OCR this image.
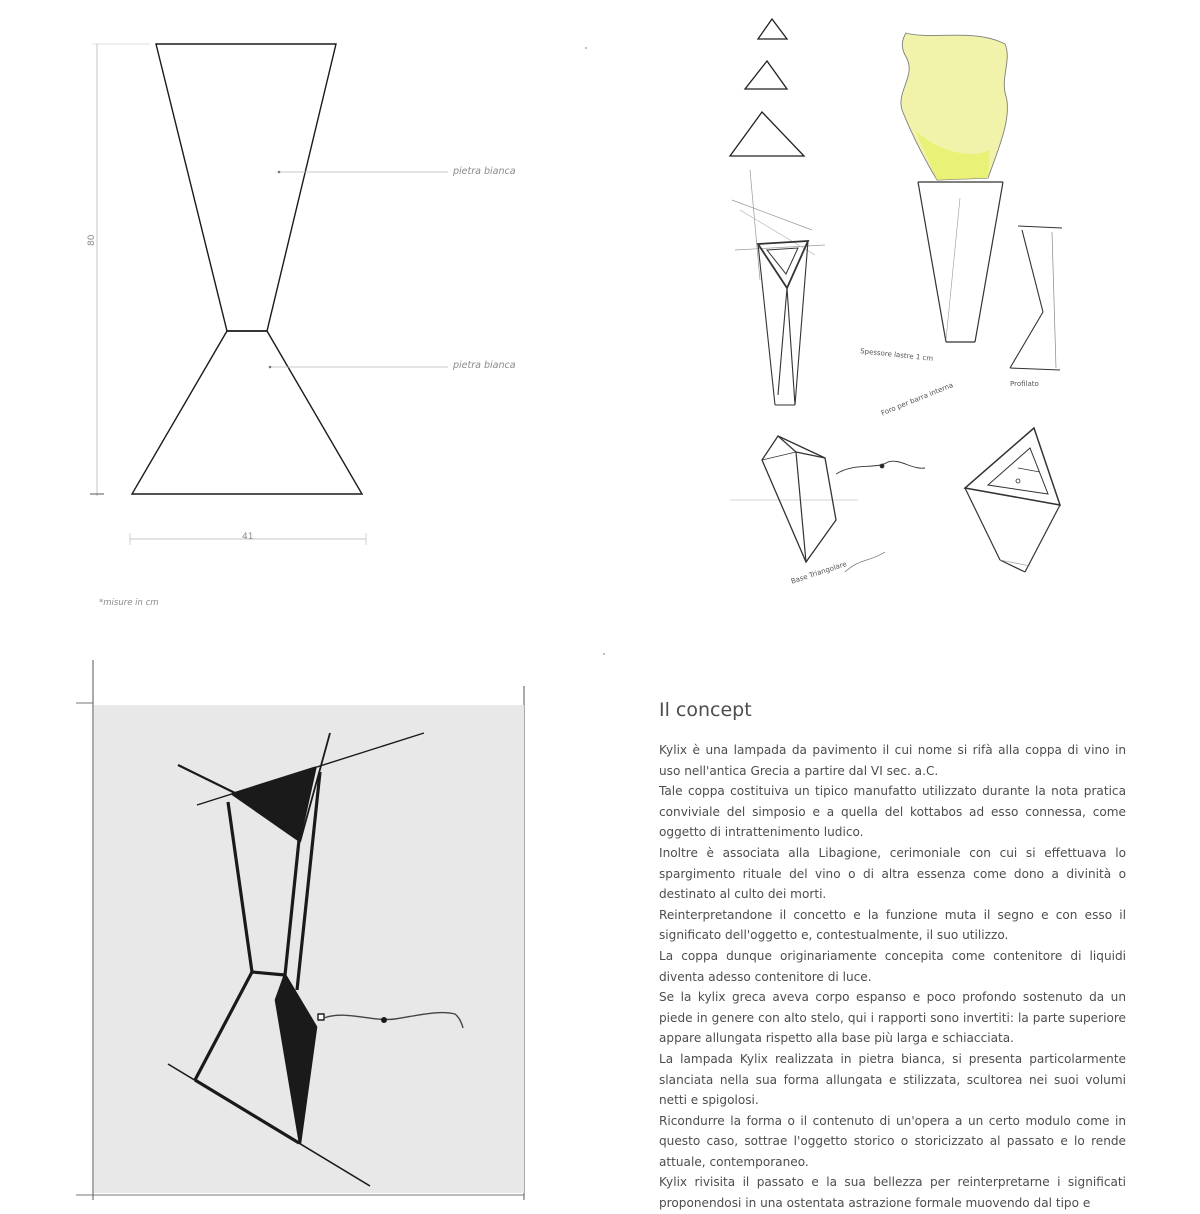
80
41
pietra bianca
pietra bianca
*misure in cm
Spessore lastre 1 cm
Foro per barra interna	Profilato
Base Triangolare
Il concept

Kylix è una lampada da pavimento il cui nome si rifà alla coppa di vino in uso nell'antica Grecia a partire dal VI sec. a.C.

Tale coppa costituiva un tipico manufatto utilizzato durante la nota pratica conviviale del simposio e a quella del kottabos ad esso connessa, come oggetto di intrattenimento ludico.

Inoltre è associata alla Libagione, cerimoniale con cui si effettuava lo spargimento rituale del vino o di altra essenza come dono a divinità o destinato al culto dei morti.

Reinterpretandone il concetto e la funzione muta il segno e con esso il significato dell'oggetto e, contestualmente, il suo utilizzo.

La coppa dunque originariamente concepita come contenitore di liquidi diventa adesso contenitore di luce.

Se la kylix greca aveva corpo espanso e poco profondo sostenuto da un piede in genere con alto stelo, qui i rapporti sono invertiti: la parte superiore appare allungata rispetto alla base più larga e schiacciata.

La lampada Kylix realizzata in pietra bianca, si presenta particolarmente slanciata nella sua forma allungata e stilizzata, scultorea nei suoi volumi netti e spigolosi.

Ricondurre la forma o il contenuto di un'opera a un certo modulo come in questo caso, sottrae l'oggetto storico o storicizzato al passato e lo rende attuale, contemporaneo.

Kylix rivisita il passato e la sua bellezza per reinterpretarne i significati proponendosi in una ostentata astrazione formale muovendo dal tipo e
